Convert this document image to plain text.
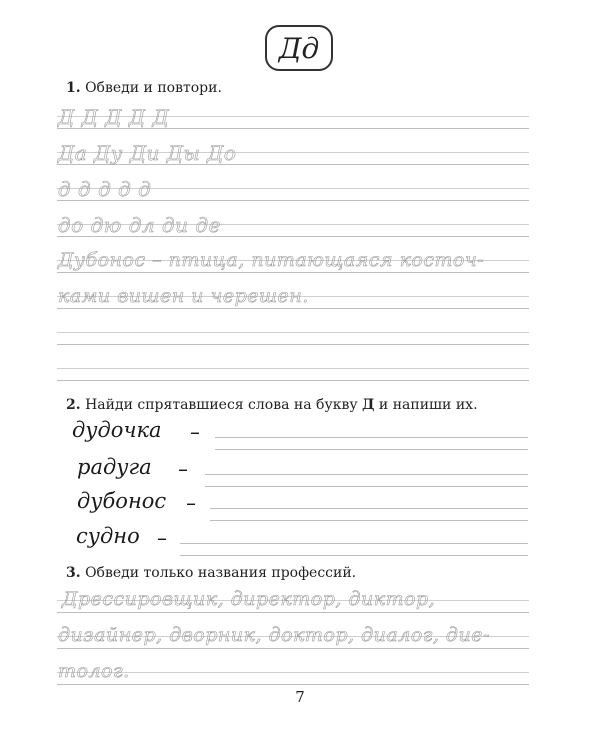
Дд
1. Обведи и повтори.
Д Д Д Д Д
Да Ду Ди Ды До
д д д д д
до дю дл ди де
Дубонос – птица, питающаяся косточ-
ками вишен и черешен.
2. Найди спрятавшиеся слова на букву Д и напиши их.
дудочка –
радуга –
дубонос –
судно –
3. Обведи только названия профессий.
Дрессировщик, директор, диктор,
дизайнер, дворник, доктор, диалог, дие-
толог.
7
